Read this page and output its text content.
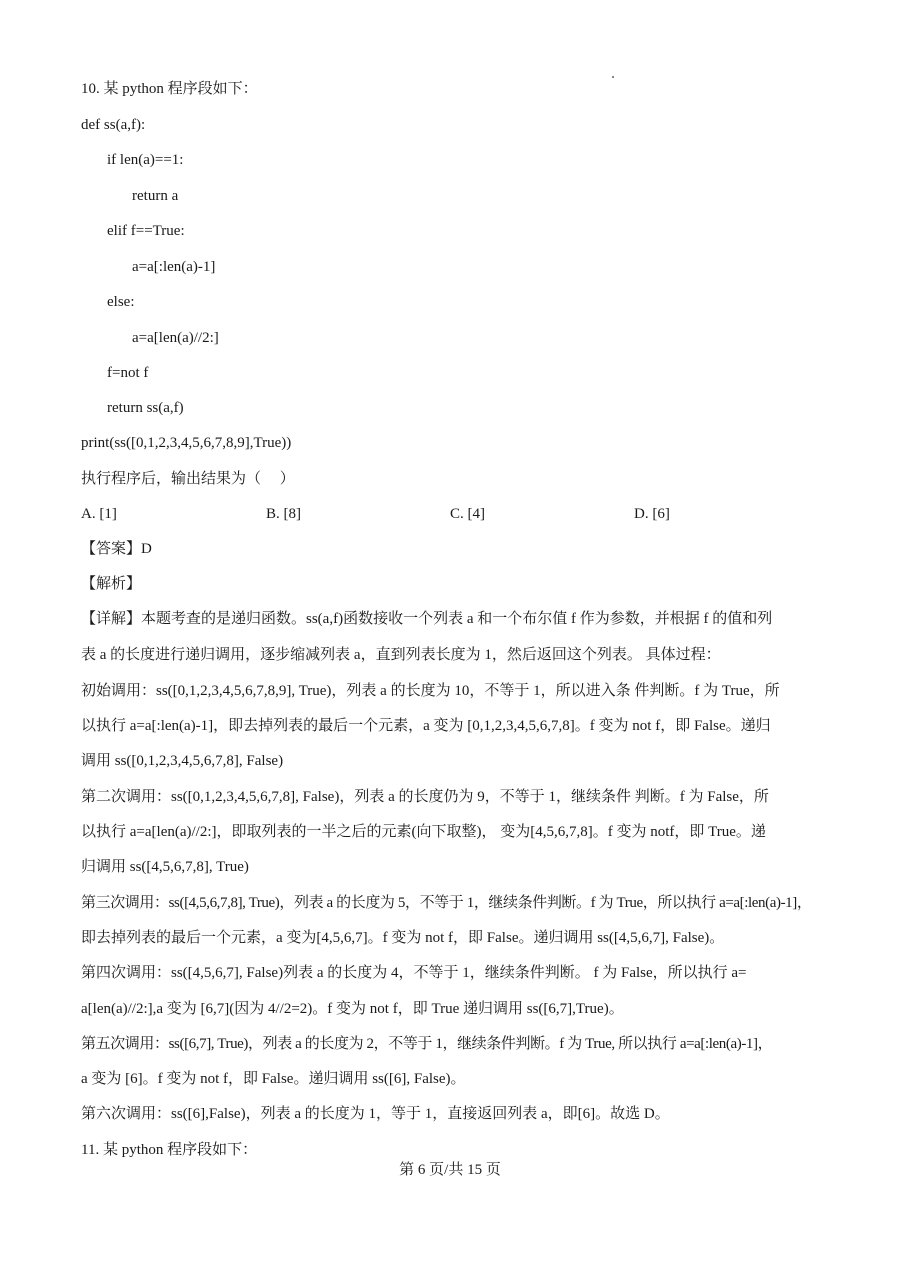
10. 某 python 程序段如下：
def ss(a,f):
if len(a)==1:
return a
elif f==True:
a=a[:len(a)-1]
else:
a=a[len(a)//2:]
f=not f
return ss(a,f)
print(ss([0,1,2,3,4,5,6,7,8,9],True))
执行程序后，输出结果为（　 ）
A. [1]	B. [8]	C. [4]	D. [6]
【答案】D
【解析】
【详解】本题考查的是递归函数。ss(a,f)函数接收一个列表 a 和一个布尔值 f 作为参数，并根据 f 的值和列
表 a 的长度进行递归调用，逐步缩减列表 a，直到列表长度为 1，然后返回这个列表。 具体过程：
初始调用：ss([0,1,2,3,4,5,6,7,8,9], True)，列表 a 的长度为 10，不等于 1，所以进入条 件判断。f 为 True，所
以执行 a=a[:len(a)-1]，即去掉列表的最后一个元素，a 变为 [0,1,2,3,4,5,6,7,8]。f 变为 not f，即 False。递归
调用 ss([0,1,2,3,4,5,6,7,8], False)
第二次调用：ss([0,1,2,3,4,5,6,7,8], False)，列表 a 的长度仍为 9，不等于 1，继续条件 判断。f 为 False，所
以执行 a=a[len(a)//2:]，即取列表的一半之后的元素(向下取整)， 变为[4,5,6,7,8]。f 变为 notf，即 True。递
归调用 ss([4,5,6,7,8], True)
第三次调用：ss([4,5,6,7,8], True)，列表 a 的长度为 5，不等于 1，继续条件判断。f 为 True，所以执行 a=a[:len(a)-1]，
即去掉列表的最后一个元素，a 变为[4,5,6,7]。f 变为 not f，即 False。递归调用 ss([4,5,6,7], False)。
第四次调用：ss([4,5,6,7], False)列表 a 的长度为 4，不等于 1，继续条件判断。 f 为 False，所以执行 a=
a[len(a)//2:],a 变为 [6,7](因为 4//2=2)。f 变为 not f，即 True 递归调用 ss([6,7],True)。
第五次调用：ss([6,7], True)，列表 a 的长度为 2，不等于 1，继续条件判断。f 为 True, 所以执行 a=a[:len(a)-1]，
a 变为 [6]。f 变为 not f，即 False。递归调用 ss([6], False)。
第六次调用：ss([6],False)，列表 a 的长度为 1，等于 1，直接返回列表 a，即[6]。故选 D。
11. 某 python 程序段如下：
第 6 页/共 15 页
